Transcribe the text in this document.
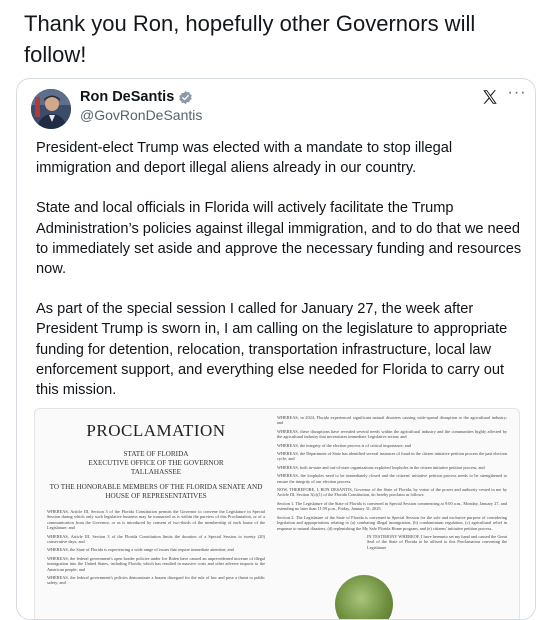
Thank you Ron, hopefully other Governors will follow!
Ron DeSantis
@GovRonDeSantis
···

President-elect Trump was elected with a mandate to stop illegal immigration and deport illegal aliens already in our country.

State and local officials in Florida will actively facilitate the Trump Administration’s policies against illegal immigration, and to do that we need to immediately set aside and approve the necessary funding and resources now.

As part of the special session I called for January 27, the week after President Trump is sworn in, I am calling on the legislature to appropriate funding for detention, relocation, transportation infrastructure, local law enforcement support, and everything else needed for Florida to carry out this mission.

PROCLAMATION
STATE OF FLORIDA
EXECUTIVE OFFICE OF THE GOVERNOR
TALLAHASSEE
TO THE HONORABLE MEMBERS OF THE FLORIDA SENATE AND HOUSE OF REPRESENTATIVES

WHEREAS, Article III, Section 3 of the Florida Constitution permits the Governor to convene the Legislature in Special Session during which only such legislative business may be transacted as is within the purview of this Proclamation, or of a communication from the Governor, or as is introduced by consent of two-thirds of the membership of each house of the Legislature; and

WHEREAS, Article III, Section 3 of the Florida Constitution limits the duration of a Special Session to twenty (20) consecutive days; and

WHEREAS, the State of Florida is experiencing a wide range of issues that require immediate attention; and

WHEREAS, the federal government's open border policies under Joe Biden have caused an unprecedented increase of illegal immigration into the United States, including Florida, which has resulted in massive costs and other adverse impacts to the American people; and

WHEREAS, the federal government's policies demonstrate a brazen disregard for the rule of law and pose a threat to public safety; and

WHEREAS, in 2024, Florida experienced significant natural disasters causing wide-spread disruption to the agricultural industry; and

WHEREAS, these disruptions have revealed several needs within the agricultural industry and the communities highly affected by the agricultural industry that necessitates immediate Legislative action; and

WHEREAS, the integrity of the election process is of critical importance; and

WHEREAS, the Department of State has identified several instances of fraud in the citizen initiative petition process the past election cycle; and

WHEREAS, both in-state and out-of-state organizations exploited loopholes in the citizen initiative petition process; and

WHEREAS, the loopholes need to be immediately closed and the citizens' initiative petition process needs to be strengthened to ensure the integrity of our election process.

NOW, THEREFORE, I, RON DESANTIS, Governor of the State of Florida, by virtue of the power and authority vested in me by Article III, Section 3(c)(1) of the Florida Constitution, do hereby proclaim as follows:

Section 1. The Legislature of the State of Florida is convened in Special Session commencing at 9:00 a.m., Monday, January 27, and extending no later than 11:59 p.m., Friday, January 31, 2025.

Section 2. The Legislature of the State of Florida is convened in Special Session for the sole and exclusive purpose of considering legislation and appropriations relating to (a) combating illegal immigration, (b) condominium regulation, (c) agricultural relief in response to natural disasters, (d) replenishing the My Safe Florida Home program, and (e) citizens' initiative petition process.

IN TESTIMONY WHEREOF, I have hereunto set my hand and caused the Great Seal of the State of Florida to be affixed to this Proclamation convening the Legislature
